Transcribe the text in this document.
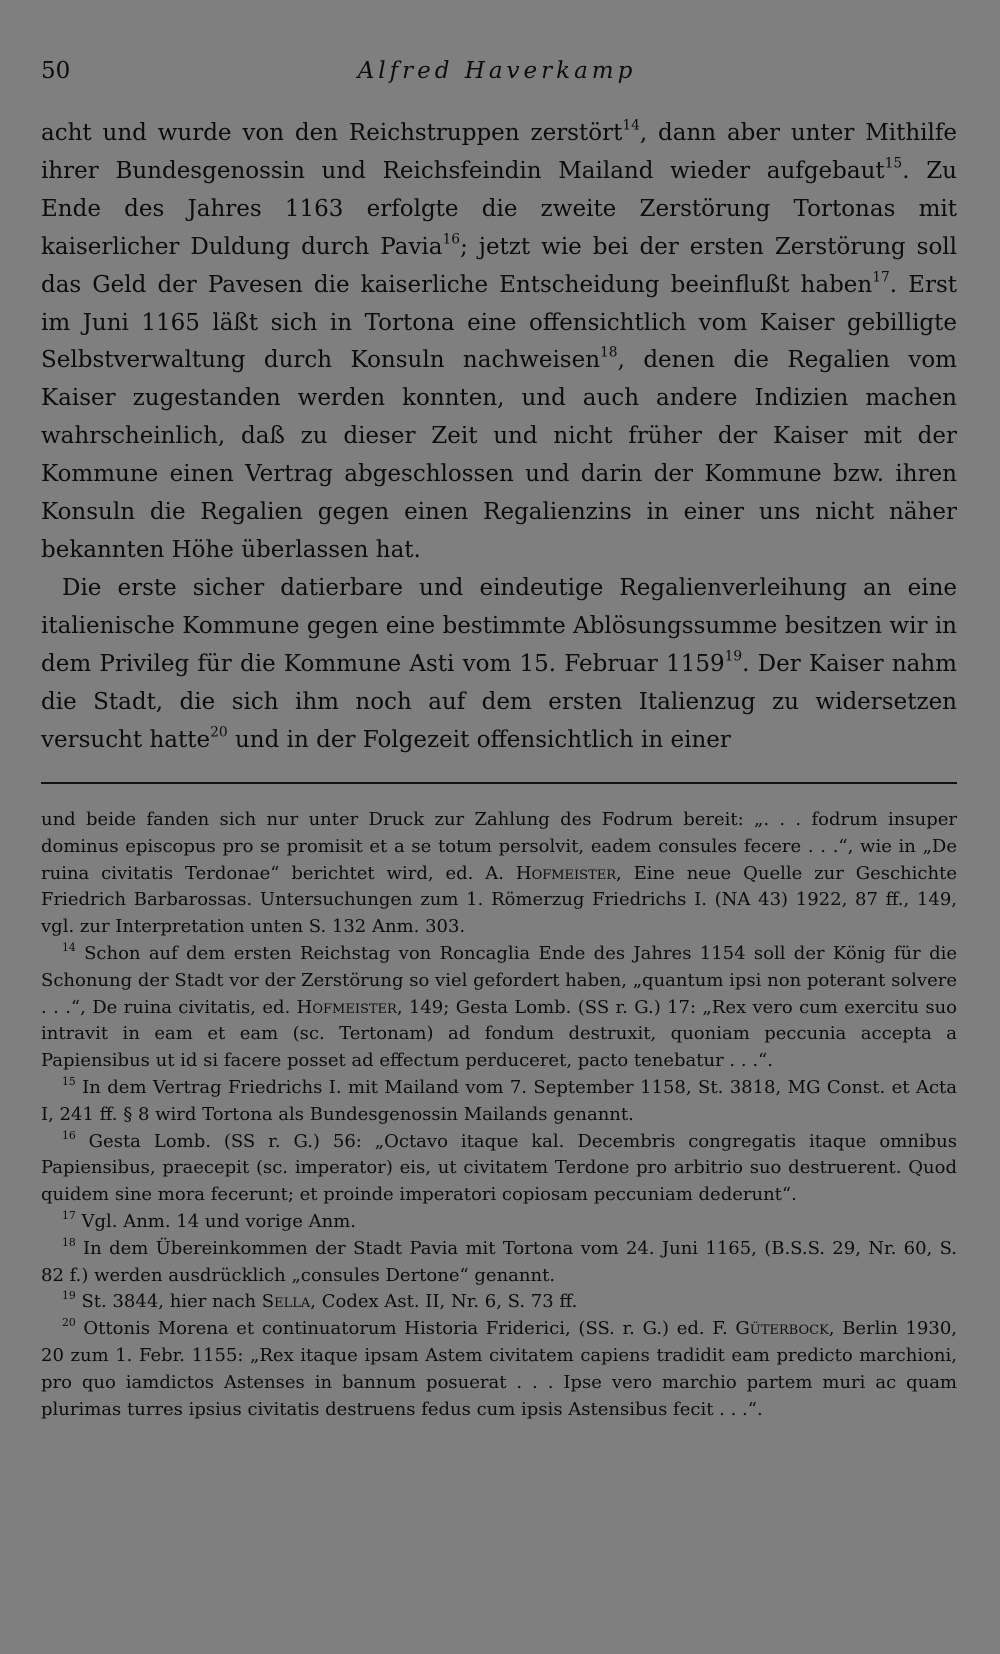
50	Alfred Haverkamp

acht und wurde von den Reichstruppen zerstört$^{14}$, dann aber unter Mithilfe ihrer Bundesgenossin und Reichsfeindin Mailand wieder aufgebaut$^{15}$. Zu Ende des Jahres 1163 erfolgte die zweite Zerstörung Tortonas mit kaiserlicher Duldung durch Pavia$^{16}$; jetzt wie bei der ersten Zerstörung soll das Geld der Pavesen die kaiserliche Entscheidung beeinflußt haben$^{17}$. Erst im Juni 1165 läßt sich in Tortona eine offensichtlich vom Kaiser gebilligte Selbstverwaltung durch Konsuln nachweisen$^{18}$, denen die Regalien vom Kaiser zugestanden werden konnten, und auch andere Indizien machen wahrscheinlich, daß zu dieser Zeit und nicht früher der Kaiser mit der Kommune einen Vertrag abgeschlossen und darin der Kommune bzw. ihren Konsuln die Regalien gegen einen Regalienzins in einer uns nicht näher bekannten Höhe überlassen hat.

Die erste sicher datierbare und eindeutige Regalienverleihung an eine italienische Kommune gegen eine bestimmte Ablösungssumme besitzen wir in dem Privileg für die Kommune Asti vom 15. Februar 1159$^{19}$. Der Kaiser nahm die Stadt, die sich ihm noch auf dem ersten Italienzug zu widersetzen versucht hatte$^{20}$ und in der Folgezeit offensichtlich in einer

und beide fanden sich nur unter Druck zur Zahlung des Fodrum bereit: „. . . fodrum insuper dominus episcopus pro se promisit et a se totum persolvit, eadem consules fecere . . .“, wie in „De ruina civitatis Terdonae“ berichtet wird, ed. A. Hofmeister, Eine neue Quelle zur Geschichte Friedrich Barbarossas. Untersuchungen zum 1. Römerzug Friedrichs I. (NA 43) 1922, 87 ff., 149, vgl. zur Interpretation unten S. 132 Anm. 303.

$^{14}$ Schon auf dem ersten Reichstag von Roncaglia Ende des Jahres 1154 soll der König für die Schonung der Stadt vor der Zerstörung so viel gefordert haben, „quantum ipsi non poterant solvere . . .“, De ruina civitatis, ed. Hofmeister, 149; Gesta Lomb. (SS r. G.) 17: „Rex vero cum exercitu suo intravit in eam et eam (sc. Tertonam) ad fondum destruxit, quoniam peccunia accepta a Papiensibus ut id si facere posset ad effectum perduceret, pacto tenebatur . . .“.

$^{15}$ In dem Vertrag Friedrichs I. mit Mailand vom 7. September 1158, St. 3818, MG Const. et Acta I, 241 ff. § 8 wird Tortona als Bundesgenossin Mailands genannt.

$^{16}$ Gesta Lomb. (SS r. G.) 56: „Octavo itaque kal. Decembris congregatis itaque omnibus Papiensibus, praecepit (sc. imperator) eis, ut civitatem Terdone pro arbitrio suo destruerent. Quod quidem sine mora fecerunt; et proinde imperatori copiosam peccuniam dederunt“.

$^{17}$ Vgl. Anm. 14 und vorige Anm.

$^{18}$ In dem Übereinkommen der Stadt Pavia mit Tortona vom 24. Juni 1165, (B.S.S. 29, Nr. 60, S. 82 f.) werden ausdrücklich „consules Dertone“ genannt.

$^{19}$ St. 3844, hier nach Sella, Codex Ast. II, Nr. 6, S. 73 ff.

$^{20}$ Ottonis Morena et continuatorum Historia Friderici, (SS. r. G.) ed. F. Güterbock, Berlin 1930, 20 zum 1. Febr. 1155: „Rex itaque ipsam Astem civitatem capiens tradidit eam predicto marchioni, pro quo iamdictos Astenses in bannum posuerat . . . Ipse vero marchio partem muri ac quam plurimas turres ipsius civitatis destruens fedus cum ipsis Astensibus fecit . . .“.
